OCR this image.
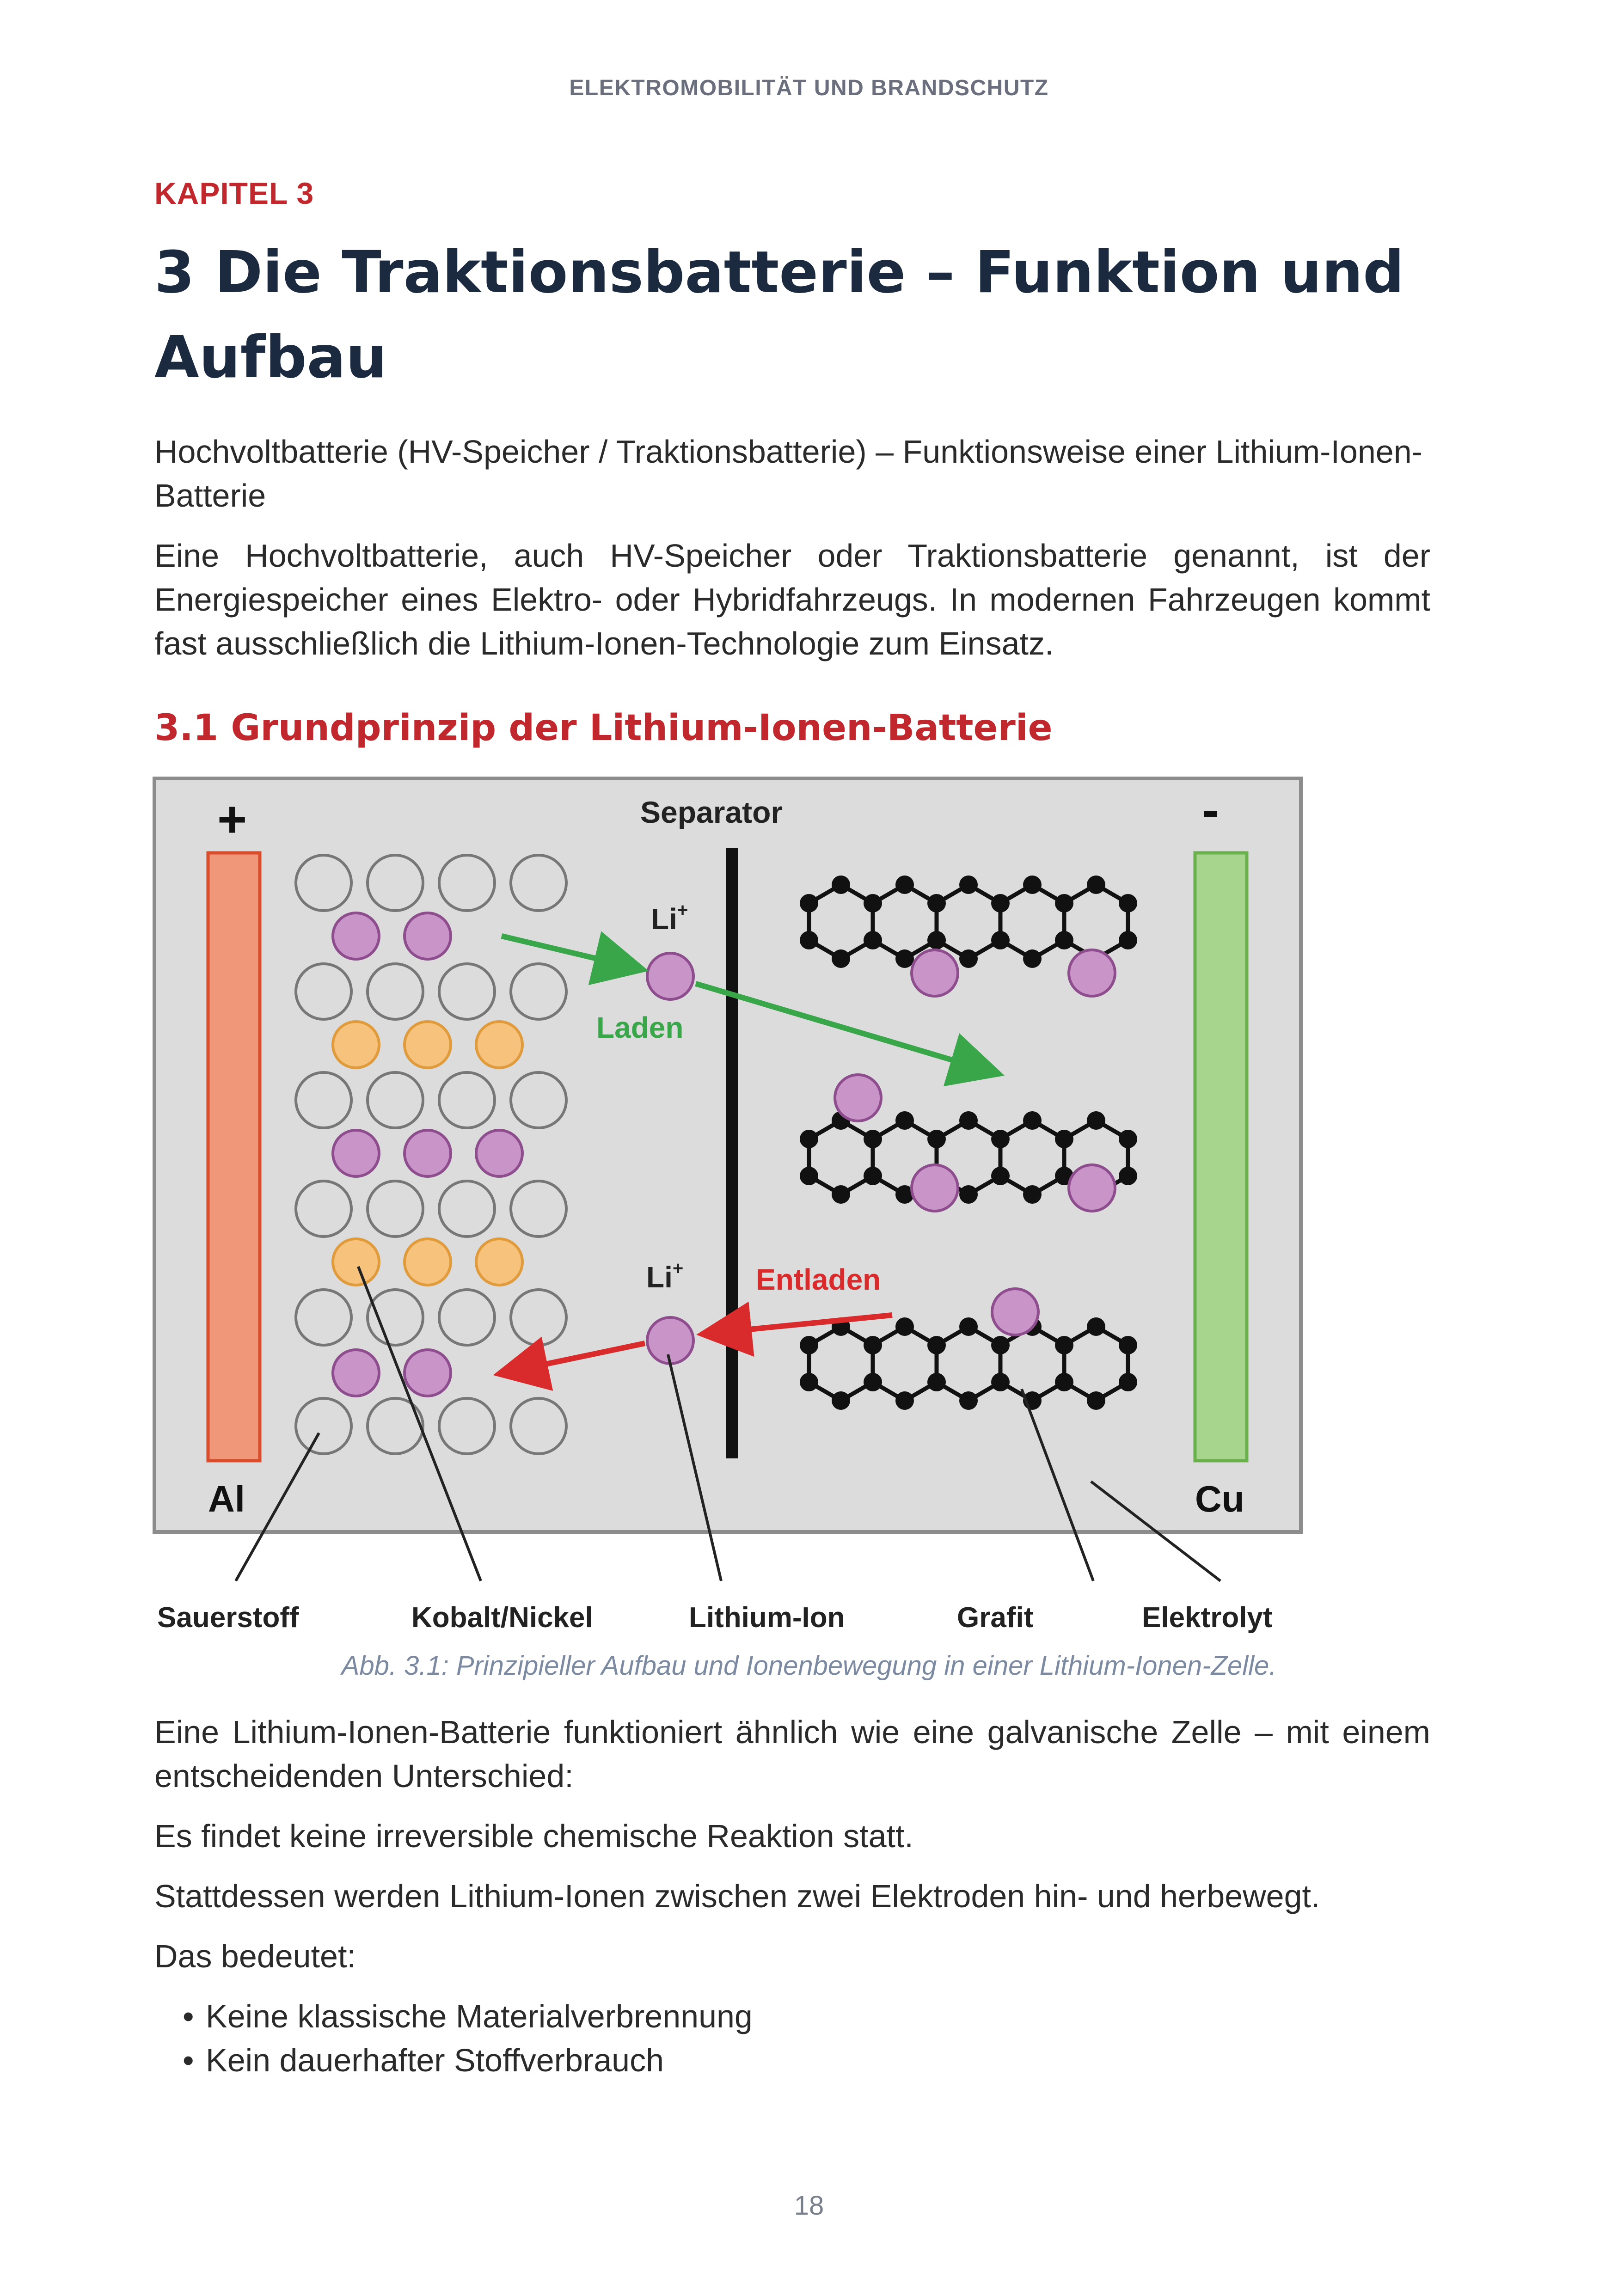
ELEKTROMOBILITÄT UND BRANDSCHUTZ
KAPITEL 3
3 Die Traktionsbatterie – Funktion und Aufbau

Hochvoltbatterie (HV-Speicher / Traktionsbatterie) – Funktionsweise einer Lithium-Ionen-Batterie

Eine Hochvoltbatterie, auch HV-Speicher oder Traktionsbatterie genannt, ist der Energiespeicher eines Elektro- oder Hybridfahrzeugs. In modernen Fahrzeugen kommt fast ausschließlich die Lithium-Ionen-Technologie zum Einsatz.

3.1 Grundprinzip der Lithium-Ionen-Batterie
+	-
Separator
Li+
Li+
Laden
Entladen
Al	Cu
Sauerstoff	Kobalt/Nickel	Lithium-Ion	Grafit	Elektrolyt
Abb. 3.1: Prinzipieller Aufbau und Ionenbewegung in einer Lithium-Ionen-Zelle.

Eine Lithium-Ionen-Batterie funktioniert ähnlich wie eine galvanische Zelle – mit einem entscheidenden Unterschied:

Es findet keine irreversible chemische Reaktion statt.

Stattdessen werden Lithium-Ionen zwischen zwei Elektroden hin- und herbewegt.

Das bedeutet:

• Keine klassische Materialverbrennung
• Kein dauerhafter Stoffverbrauch
18
